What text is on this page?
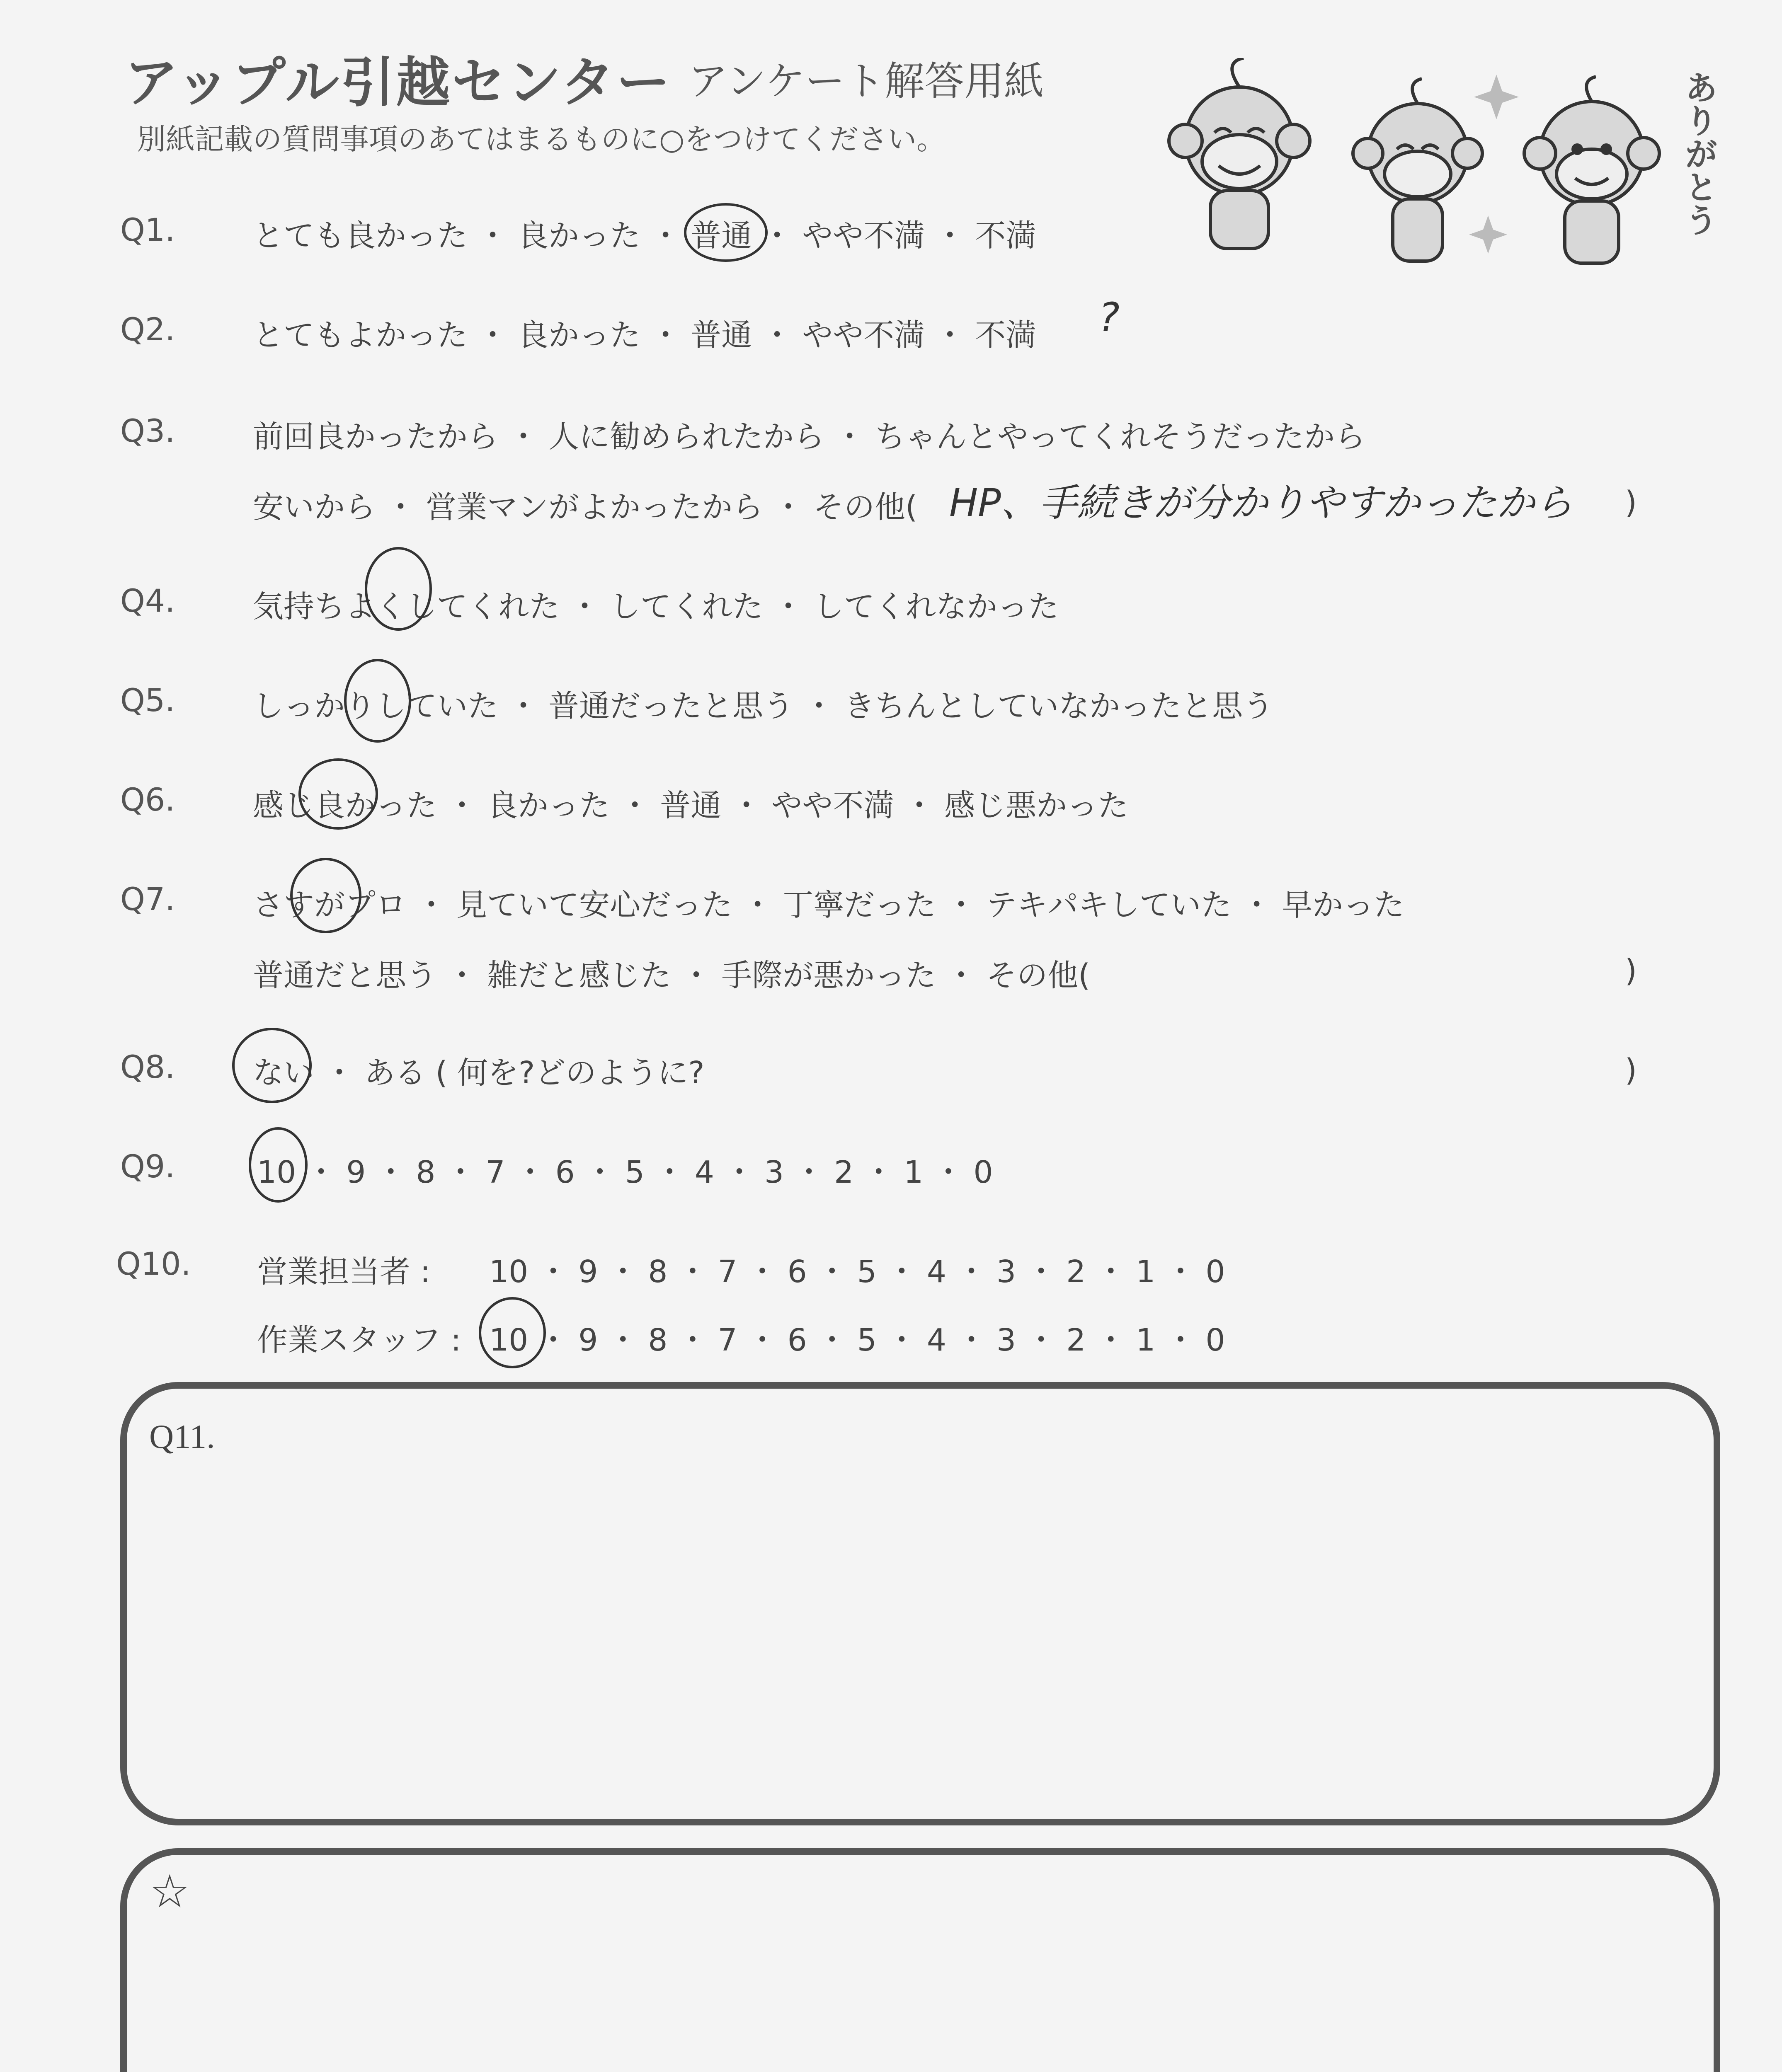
アップル引越センター アンケート解答用紙
別紙記載の質問事項のあてはまるものに○をつけてください。	ありがとう
Q1.	とても良かった ・ 良かった ・ 普通 ・ やや不満 ・ 不満
Q2.	とてもよかった ・ 良かった ・ 普通 ・ やや不満 ・ 不満 ?
Q3.	前回良かったから ・ 人に勧められたから ・ ちゃんとやってくれそうだったから
安いから ・ 営業マンがよかったから ・ その他( HP、手続きが分かりやすかったから )
Q4.	気持ちよくしてくれた ・ してくれた ・ してくれなかった
Q5.	しっかりしていた ・ 普通だったと思う ・ きちんとしていなかったと思う
Q6.	感じ良かった ・ 良かった ・ 普通 ・ やや不満 ・ 感じ悪かった
Q7.	さすがプロ ・ 見ていて安心だった ・ 丁寧だった ・ テキパキしていた ・ 早かった
普通だと思う ・ 雑だと感じた ・ 手際が悪かった ・ その他(	)
Q8.	ない ・ ある ( 何を?どのように?	)
Q9.	10 ・ 9 ・ 8 ・ 7 ・ 6 ・ 5 ・ 4 ・ 3 ・ 2 ・ 1 ・ 0
Q10. 営業担当者 : 10 ・ 9 ・ 8 ・ 7 ・ 6 ・ 5 ・ 4 ・ 3 ・ 2 ・ 1 ・ 0
作業スタッフ : 10 ・ 9 ・ 8 ・ 7 ・ 6 ・ 5 ・ 4 ・ 3 ・ 2 ・ 1 ・ 0
Q11.
☆
